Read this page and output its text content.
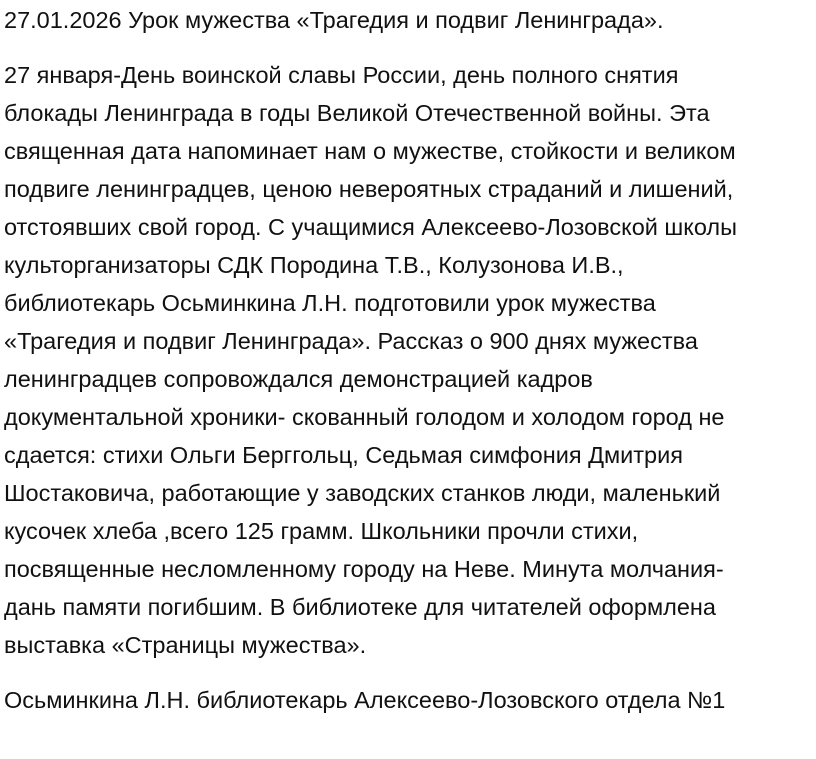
27.01.2026 Урок мужества «Трагедия и подвиг Ленинграда».
27 января-День воинской славы России, день полного снятия
блокады Ленинграда в годы Великой Отечественной войны. Эта
священная дата напоминает нам о мужестве, стойкости и великом
подвиге ленинградцев, ценою невероятных страданий и лишений,
отстоявших свой город. С учащимися Алексеево-Лозовской школы
культорганизаторы СДК Породина Т.В., Колузонова И.В.,
библиотекарь Осьминкина Л.Н. подготовили урок мужества
«Трагедия и подвиг Ленинграда». Рассказ о 900 днях мужества
ленинградцев сопровождался демонстрацией кадров
документальной хроники- скованный голодом и холодом город не
сдается: стихи Ольги Берггольц, Седьмая симфония Дмитрия
Шостаковича, работающие у заводских станков люди, маленький
кусочек хлеба ,всего 125 грамм. Школьники прочли стихи,
посвященные несломленному городу на Неве. Минута молчания-
дань памяти погибшим. В библиотеке для читателей оформлена
выставка «Страницы мужества».
Осьминкина Л.Н. библиотекарь Алексеево-Лозовского отдела №1
